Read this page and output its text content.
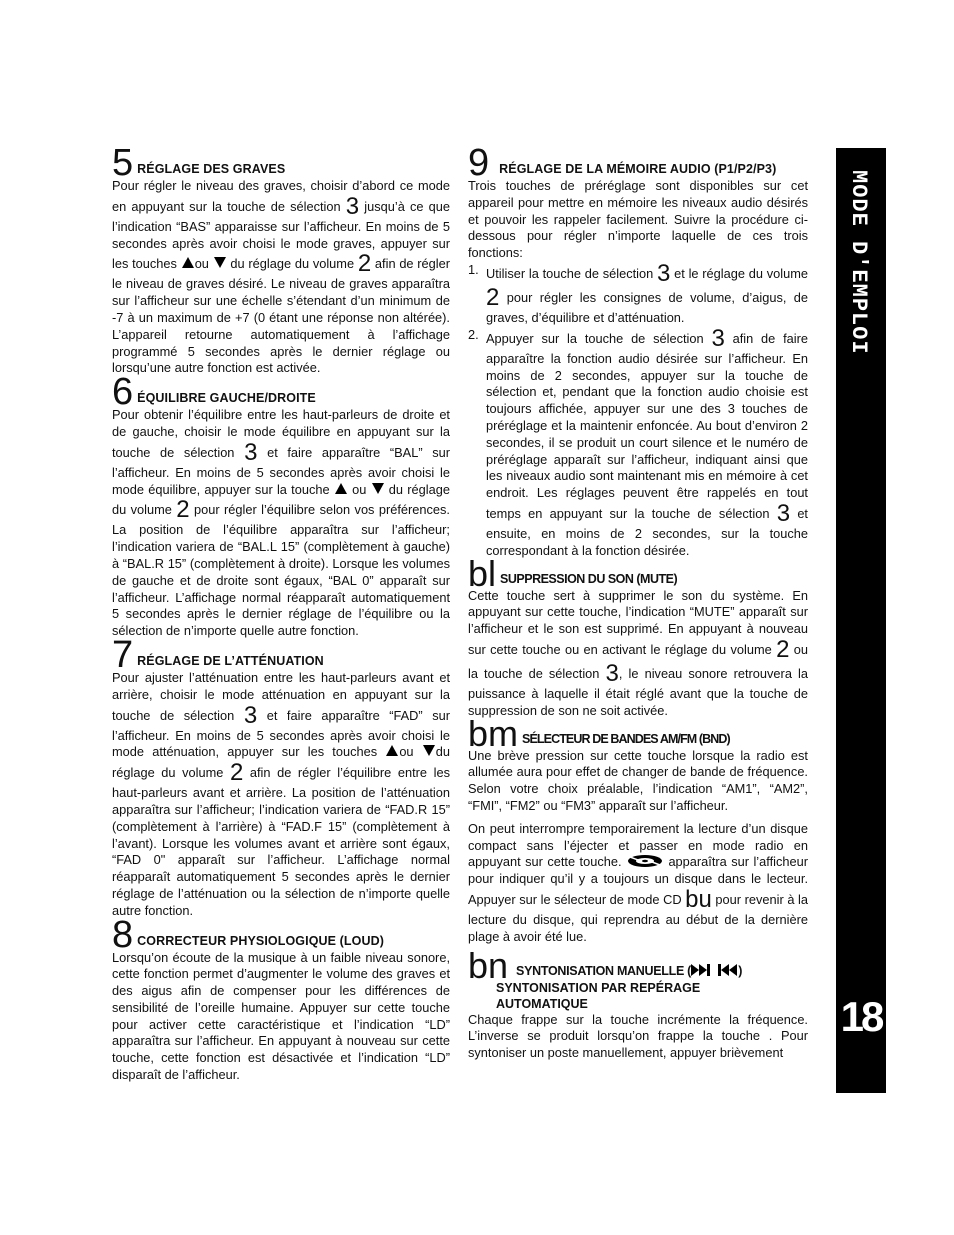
5 RÉGLAGE DES GRAVES

Pour régler le niveau des graves, choisir d’abord ce mode en appuyant sur la touche de sélection 3 jusqu’à ce que l’indication “BAS” apparaisse sur l’afficheur. En moins de 5 secondes après avoir choisi le mode graves, appuyer sur les touches ou  du réglage du volume 2 afin de régler le niveau de graves désiré. Le niveau de graves apparaîtra sur l’afficheur sur une échelle s’étendant d’un minimum de -7 à un maximum de +7 (0 étant une réponse non altérée). L’appareil retourne automatiquement à l’affichage programmé 5 secondes après le dernier réglage ou lorsqu’une autre fonction est activée.

6 ÉQUILIBRE GAUCHE/DROITE

Pour obtenir l’équilibre entre les haut-parleurs de droite et de gauche, choisir le mode équilibre en appuyant sur la touche de sélection 3 et faire apparaître “BAL” sur l’afficheur. En moins de 5 secondes après avoir choisi le mode équilibre, appuyer sur la touche  ou  du réglage du volume 2 pour régler l’équilibre selon vos préférences. La position de l’équilibre apparaîtra sur l’afficheur; l’indication variera de “BAL.L 15” (complètement à gauche) à “BAL.R 15” (complètement à droite). Lorsque les volumes de gauche et de droite sont égaux, “BAL 0” apparaît sur l’afficheur. L’affichage normal réapparaît automatiquement 5 secondes après le dernier réglage de l’équilibre ou la sélection de n’importe quelle autre fonction.

7 RÉGLAGE DE L’ATTÉNUATION

Pour ajuster l’atténuation entre les haut-parleurs avant et arrière, choisir le mode atténuation en appuyant sur la touche de sélection 3 et faire apparaître “FAD” sur l’afficheur. En moins de 5 secondes après avoir choisi le mode atténuation, appuyer sur les touches ou du réglage du volume 2 afin de régler l’équilibre entre les haut-parleurs avant et arrière. La position de l’atténuation apparaîtra sur l’afficheur; l’indication variera de “FAD.R 15” (complètement à l’arrière) à “FAD.F 15” (complètement à l’avant). Lorsque les volumes avant et arrière sont égaux, “FAD 0" apparaît sur l’afficheur. L’affichage normal réapparaît automatiquement 5 secondes après le dernier réglage de l’atténuation ou la sélection de n’importe quelle autre fonction.

8 CORRECTEUR PHYSIOLOGIQUE (LOUD)

Lorsqu’on écoute de la musique à un faible niveau sonore, cette fonction permet d’augmenter le volume des graves et des aigus afin de compenser pour les différences de sensibilité de l’oreille humaine. Appuyer sur cette touche pour activer cette caractéristique et l’indication “LD” apparaîtra sur l’afficheur. En appuyant à nouveau sur cette touche, cette fonction est désactivée et l’indication “LD” disparaît de l’afficheur.

9 RÉGLAGE DE LA MÉMOIRE AUDIO (P1/P2/P3)

Trois touches de préréglage sont disponibles sur cet appareil pour mettre en mémoire les niveaux audio désirés et pouvoir les rappeler facilement. Suivre la procédure ci-dessous pour régler n’importe laquelle de ces trois fonctions:

1. Utiliser la touche de sélection 3 et le réglage du volume 2 pour régler les consignes de volume, d’aigus, de graves, d’équilibre et d’atténuation.
2. Appuyer sur la touche de sélection 3 afin de faire apparaître la fonction audio désirée sur l’afficheur. En moins de 2 secondes, appuyer sur la touche de sélection et, pendant que la fonction audio choisie est toujours affichée, appuyer sur une des 3 touches de préréglage et la maintenir enfoncée. Au bout d’environ 2 secondes, il se produit un court silence et le numéro de préréglage apparaît sur l’afficheur, indiquant ainsi que les niveaux audio sont maintenant mis en mémoire à cet endroit. Les réglages peuvent être rappelés en tout temps en appuyant sur la touche de sélection 3 et ensuite, en moins de 2 secondes, sur la touche correspondant à la fonction désirée.
bl SUPPRESSION DU SON (MUTE)

Cette touche sert à supprimer le son du système. En appuyant sur cette touche, l’indication “MUTE” apparaît sur l’afficheur et le son est supprimé. En appuyant à nouveau sur cette touche ou en activant le réglage du volume 2 ou la touche de sélection 3, le niveau sonore retrouvera la puissance à laquelle il était réglé avant que la touche de suppression de son ne soit activée.

bm SÉLECTEUR DE BANDES AM/FM (BND)

Une brève pression sur cette touche lorsque la radio est allumée aura pour effet de changer de bande de fréquence. Selon votre choix préalable, l’indication “AM1”, “AM2”, “FMI”, “FM2” ou “FM3” apparaît sur l’afficheur.

On peut interrompre temporairement la lecture d’un disque compact sans l’éjecter et passer en mode radio en appuyant sur cette touche.	apparaîtra sur l’afficheur pour indiquer qu’il y a toujours un disque dans le lecteur. Appuyer sur le sélecteur de mode CD bu pour revenir à la lecture du disque, qui reprendra au début de la dernière plage à avoir été lue.

bn SYNTONISATION MANUELLE (	)
SYNTONISATION PAR REPÉRAGE
AUTOMATIQUE

Chaque frappe sur la touche incrémente la fréquence. L’inverse se produit lorsqu’on frappe la touche . Pour syntoniser un poste manuellement, appuyer brièvement

MODE D'EMPLOI
18
